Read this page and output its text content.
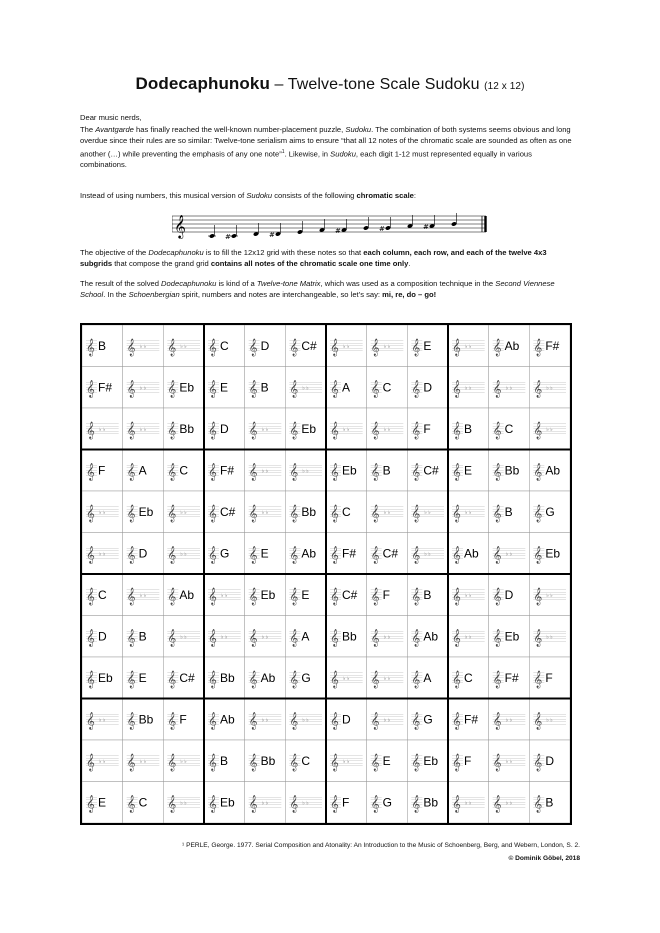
Dodecaphunoku – Twelve-tone Scale Sudoku (12 x 12)
Dear music nerds,
The Avantgarde has finally reached the well-known number-placement puzzle, Sudoku. The combination of both systems seems obvious and long overdue since their rules are so similar: Twelve-tone serialism aims to ensure “that all 12 notes of the chromatic scale are sounded as often as one another (…) while preventing the emphasis of any one note”$^1$. Likewise, in Sudoku, each digit 1-12 must represented equally in various combinations.
Instead of using numbers, this musical version of Sudoku consists of the following chromatic scale:
𝄞	#	#	#	#	#
The objective of the Dodecaphunoku is to fill the 12x12 grid with these notes so that each column, each row, and each of the twelve 4x3 subgrids that compose the grand grid contains all notes of the chromatic scale one time only.
The result of the solved Dodecaphunoku is kind of a Twelve-tone Matrix, which was used as a composition technique in the Second Viennese School. In the Schoenbergian spirit, numbers and notes are interchangeable, so let’s say: mi, re, do – go!
𝄞 B 𝄞 ♭ ♭ 𝄞 ♭ ♭ 𝄞 C 𝄞 D 𝄞 C# 𝄞 ♭ ♭ 𝄞 ♭ ♭ 𝄞 E 𝄞 ♭ ♭ 𝄞 Ab 𝄞 F#
𝄞 F# 𝄞 ♭ ♭ 𝄞 Eb 𝄞 E 𝄞 B 𝄞 ♭ ♭ 𝄞 A 𝄞 C 𝄞 D 𝄞 ♭ ♭ 𝄞 ♭ ♭ 𝄞 ♭ ♭
𝄞 ♭ ♭ 𝄞 ♭ ♭ 𝄞 Bb 𝄞 D 𝄞 ♭ ♭ 𝄞 Eb 𝄞 ♭ ♭ 𝄞 ♭ ♭ 𝄞 F 𝄞 B 𝄞 C 𝄞 ♭ ♭
𝄞 F 𝄞 A 𝄞 C 𝄞 F# 𝄞 ♭ ♭ 𝄞 ♭ ♭ 𝄞 Eb 𝄞 B 𝄞 C# 𝄞 E 𝄞 Bb 𝄞 Ab
𝄞 ♭ ♭ 𝄞 Eb 𝄞 ♭ ♭ 𝄞 C# 𝄞 ♭ ♭ 𝄞 Bb 𝄞 C 𝄞 ♭ ♭ 𝄞 ♭ ♭ 𝄞 ♭ ♭ 𝄞 B 𝄞 G
𝄞 ♭ ♭ 𝄞 D 𝄞 ♭ ♭ 𝄞 G 𝄞 E 𝄞 Ab 𝄞 F# 𝄞 C# 𝄞 ♭ ♭ 𝄞 Ab 𝄞 ♭ ♭ 𝄞 Eb
𝄞 C 𝄞 ♭ ♭ 𝄞 Ab 𝄞 ♭ ♭ 𝄞 Eb 𝄞 E 𝄞 C# 𝄞 F 𝄞 B 𝄞 ♭ ♭ 𝄞 D 𝄞 ♭ ♭
𝄞 D 𝄞 B 𝄞 ♭ ♭ 𝄞 ♭ ♭ 𝄞 ♭ ♭ 𝄞 A 𝄞 Bb 𝄞 ♭ ♭ 𝄞 Ab 𝄞 ♭ ♭ 𝄞 Eb 𝄞 ♭ ♭
𝄞 Eb 𝄞 E 𝄞 C# 𝄞 Bb 𝄞 Ab 𝄞 G 𝄞 ♭ ♭ 𝄞 ♭ ♭ 𝄞 A 𝄞 C 𝄞 F# 𝄞 F
𝄞 ♭ ♭ 𝄞 Bb 𝄞 F 𝄞 Ab 𝄞 ♭ ♭ 𝄞 ♭ ♭ 𝄞 D 𝄞 ♭ ♭ 𝄞 G 𝄞 F# 𝄞 ♭ ♭ 𝄞 ♭ ♭
𝄞 ♭ ♭ 𝄞 ♭ ♭ 𝄞 ♭ ♭ 𝄞 B 𝄞 Bb 𝄞 C 𝄞 ♭ ♭ 𝄞 E 𝄞 Eb 𝄞 F 𝄞 ♭ ♭ 𝄞 D
𝄞 E 𝄞 C 𝄞 ♭ ♭ 𝄞 Eb 𝄞 ♭ ♭ 𝄞 ♭ ♭ 𝄞 F 𝄞 G 𝄞 Bb 𝄞 ♭ ♭ 𝄞 ♭ ♭ 𝄞 B
¹ PERLE, George. 1977. Serial Composition and Atonality: An Introduction to the Music of Schoenberg, Berg, and Webern, London, S. 2.
© Dominik Göbel, 2018
